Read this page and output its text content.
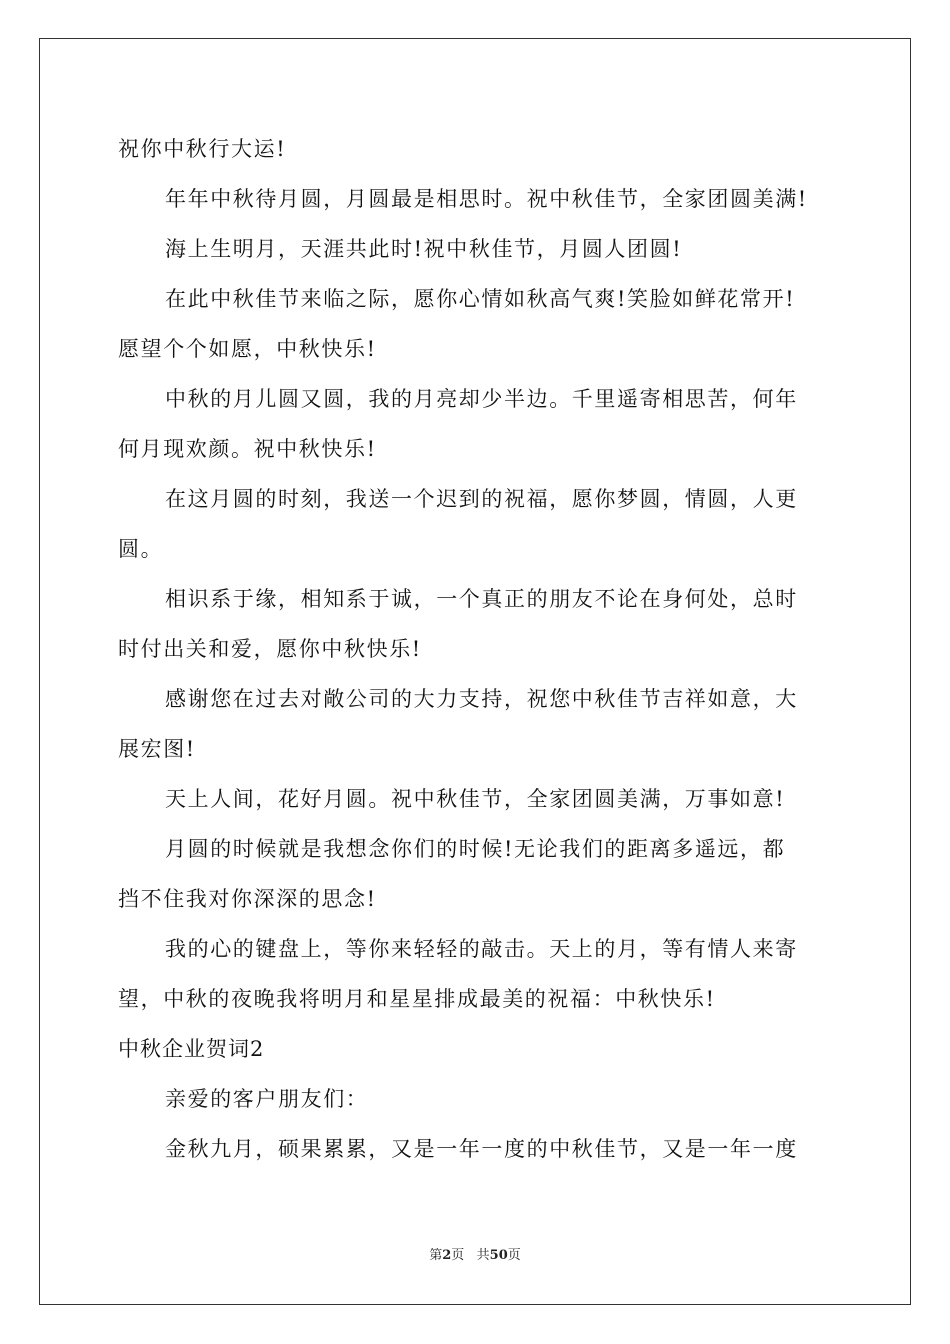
祝你中秋行大运!
年年中秋待月圆，月圆最是相思时。祝中秋佳节，全家团圆美满!
海上生明月，天涯共此时!祝中秋佳节，月圆人团圆!
在此中秋佳节来临之际，愿你心情如秋高气爽!笑脸如鲜花常开!
愿望个个如愿，中秋快乐!
中秋的月儿圆又圆，我的月亮却少半边。千里遥寄相思苦，何年
何月现欢颜。祝中秋快乐!
在这月圆的时刻，我送一个迟到的祝福，愿你梦圆，情圆，人更
圆。
相识系于缘，相知系于诚，一个真正的朋友不论在身何处，总时
时付出关和爱，愿你中秋快乐!
感谢您在过去对敞公司的大力支持，祝您中秋佳节吉祥如意，大
展宏图!
天上人间，花好月圆。祝中秋佳节，全家团圆美满，万事如意!
月圆的时候就是我想念你们的时候!无论我们的距离多遥远，都
挡不住我对你深深的思念!
我的心的键盘上，等你来轻轻的敲击。天上的月，等有情人来寄
望，中秋的夜晚我将明月和星星排成最美的祝福：中秋快乐!
中秋企业贺词2
亲爱的客户朋友们：
金秋九月，硕果累累，又是一年一度的中秋佳节，又是一年一度
第2页   共50页
